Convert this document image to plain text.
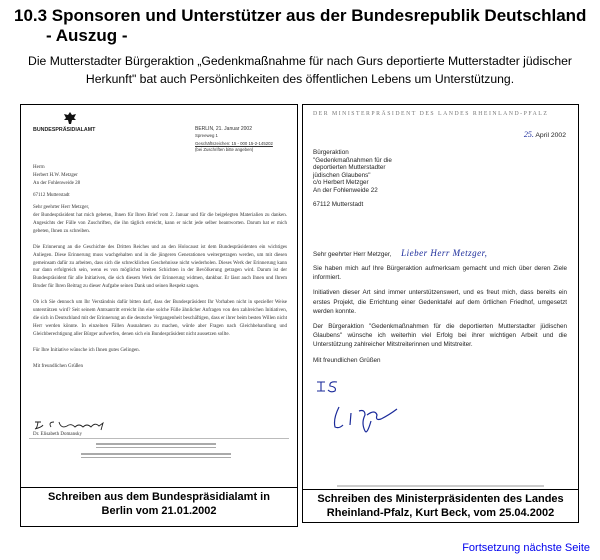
10.3 Sponsoren und Unterstützer aus der Bundesrepublik Deutschland
- Auszug -
Die Mutterstadter Bürgeraktion „Gedenkmaßnahme für nach Gurs deportierte Mutterstadter jüdischer Herkunft" bat auch Persönlichkeiten des öffentlichen Lebens um Unterstützung.
BUNDESPRÄSIDIALAMT	BERLIN, 21. Januar 2002
Spreeweg 1
Geschäftszeichen: 15 - 000 15-2-145202
(bei Zuschriften bitte angeben)
Herrn
Herbert H.W. Metzger
An der Fohlenweide 28
67112 Mutterstadt
Sehr geehrter Herr Metzger,

der Bundespräsident hat mich gebeten, Ihnen für Ihren Brief vom 2. Januar und für die beigelegten Materialien zu danken. Angesichts der Fülle von Zuschriften, die ihn täglich erreicht, kann er nicht jede selber beantworten. Darum hat er mich gebeten, Ihnen zu schreiben.

Die Erinnerung an die Geschichte des Dritten Reiches und an den Holocaust ist dem Bundespräsidenten ein wichtiges Anliegen. Diese Erinnerung muss wachgehalten und in die jüngeren Generationen weitergetragen werden, um mit diesen gemeinsam dafür zu arbeiten, dass sich die schrecklichen Geschehnisse nicht wiederholen. Dieses Werk der Erinnerung kann nur dann erfolgreich sein, wenn es von möglichst breiten Schichten in der Bevölkerung getragen wird. Darum ist der Bundespräsident für alle Initiativen, die sich diesem Werk der Erinnerung widmen, dankbar. Er lässt auch Ihnen und Ihrem Bruder für Ihren Beitrag zu dieser Aufgabe seinen Dank und seinen Respekt sagen.

Ob ich Sie dennoch um Ihr Verständnis dafür bitten darf, dass der Bundespräsident Ihr Vorhaben nicht in spezieller Weise unterstützen wird? Seit seinem Amtsantritt erreicht ihn eine solche Fülle ähnlicher Anfragen von den zahlreichen Initiativen, die sich in Deutschland mit der Erinnerung an die deutsche Vergangenheit beschäftigen, dass er ihrer beim besten Willen nicht Herr werden könnte. In einzelnen Fällen Ausnahmen zu machen, würde aber Fragen nach Gleichbehandlung und Gleichberechtigung aller Bürger aufwerfen, denen sich ein Bundespräsident nicht aussetzen sollte.

Für Ihre Initiative wünsche ich Ihnen gutes Gelingen.

Mit freundlichen Grüßen

Dr. Elisabeth Domansky
Schreiben aus dem Bundespräsidialamt in Berlin vom 21.01.2002
DER MINISTERPRÄSIDENT DES LANDES RHEINLAND-PFALZ
25. April 2002
Bürgeraktion
"Gedenkmaßnahmen für die
deportierten Mutterstadter
jüdischen Glaubens"
c/o Herbert Metzger
An der Fohlenweide 22
67112 Mutterstadt
Sehr geehrter Herr Metzger, Lieber Herr Metzger,

Sie haben mich auf Ihre Bürgeraktion aufmerksam gemacht und mich über deren Ziele informiert.

Initiativen dieser Art sind immer unterstützenswert, und es freut mich, dass bereits ein erstes Projekt, die Errichtung einer Gedenktafel auf dem örtlichen Friedhof, umgesetzt werden konnte.

Der Bürgeraktion "Gedenkmaßnahmen für die deportierten Mutterstadter jüdischen Glaubens" wünsche ich weiterhin viel Erfolg bei ihrer wichtigen Arbeit und die Unterstützung zahlreicher Mitstreiterinnen und Mitstreiter.

Mit freundlichen Grüßen

Schreiben des Ministerpräsidenten des Landes Rheinland-Pfalz, Kurt Beck, vom 25.04.2002
Fortsetzung nächste Seite
